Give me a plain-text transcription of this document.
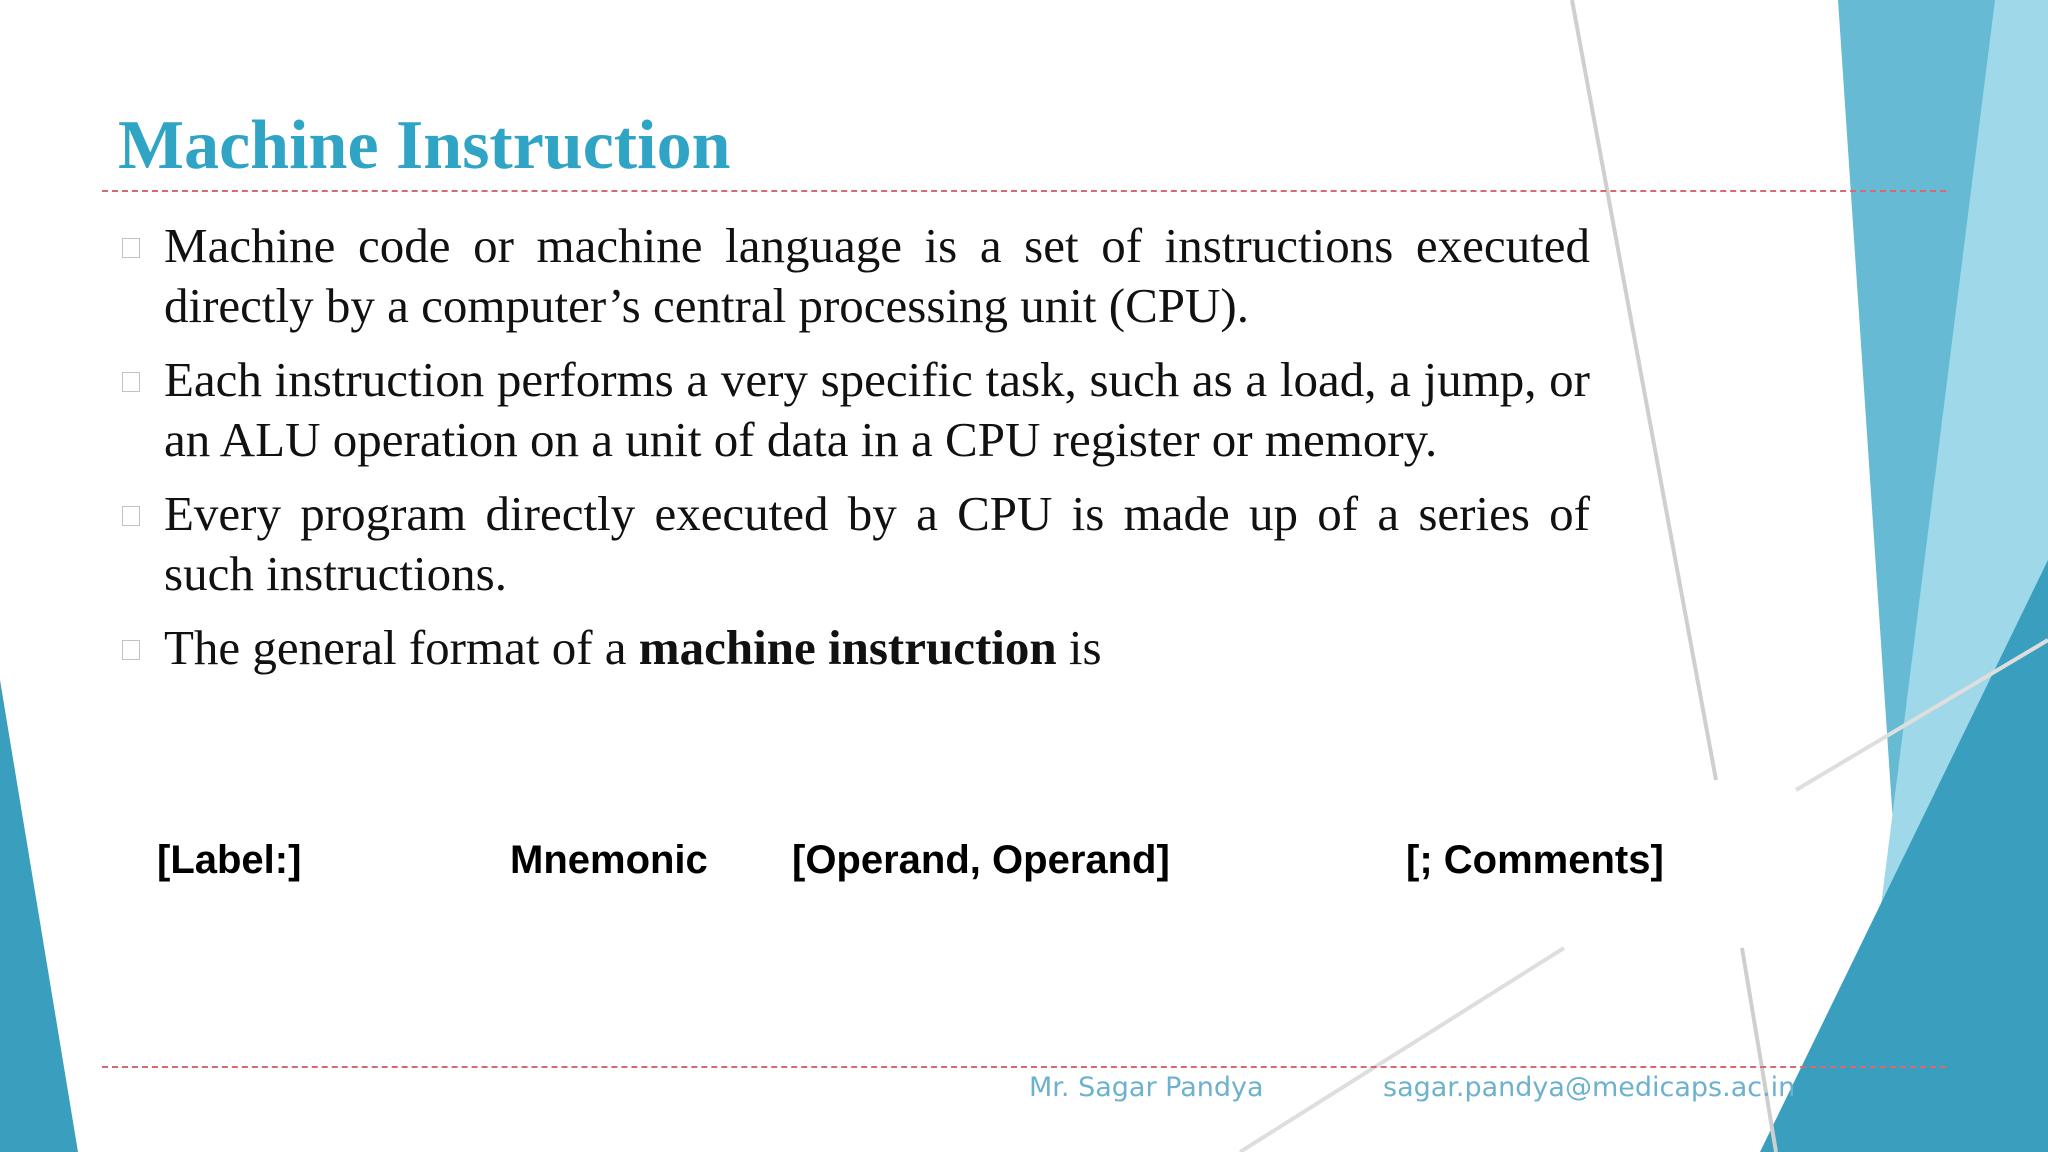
Machine Instruction
Machine code or machine language is a set of instructions executed directly by a computer’s central processing unit (CPU).
Each instruction performs a very specific task, such as a load, a jump, or an ALU operation on a unit of data in a CPU register or memory.
Every program directly executed by a CPU is made up of a series of such instructions.
The general format of a machine instruction is
[Label:]	Mnemonic [Operand, Operand]	[; Comments]
Mr. Sagar Pandya	sagar.pandya@medicaps.ac.in
